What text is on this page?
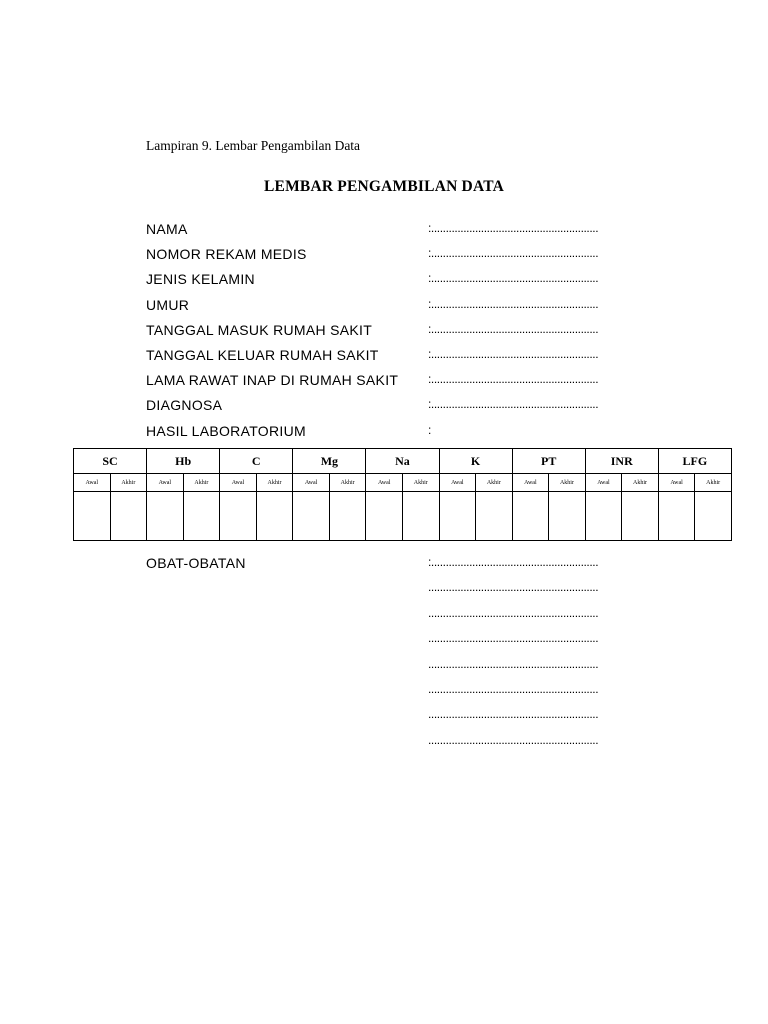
Lampiran 9. Lembar Pengambilan Data
LEMBAR PENGAMBILAN DATA
NAMA	:.........................................................
NOMOR REKAM MEDIS	:.........................................................
JENIS KELAMIN	:.........................................................
UMUR	:.........................................................
TANGGAL MASUK RUMAH SAKIT	:.........................................................
TANGGAL KELUAR RUMAH SAKIT	:.........................................................
LAMA RAWAT INAP DI RUMAH SAKIT :.........................................................
DIAGNOSA	:.........................................................
HASIL LABORATORIUM	:
SC		Hb		C		Mg		Na		K		PT		INR		LFG	
Awal	Akhir	Awal	Akhir	Awal	Akhir	Awal	Akhir	Awal	Akhir	Awal	Akhir	Awal	Akhir	Awal	Akhir	Awal	Akhir

OBAT-OBATAN	:.........................................................
..........................................................
..........................................................
..........................................................
..........................................................
..........................................................
..........................................................
..........................................................
